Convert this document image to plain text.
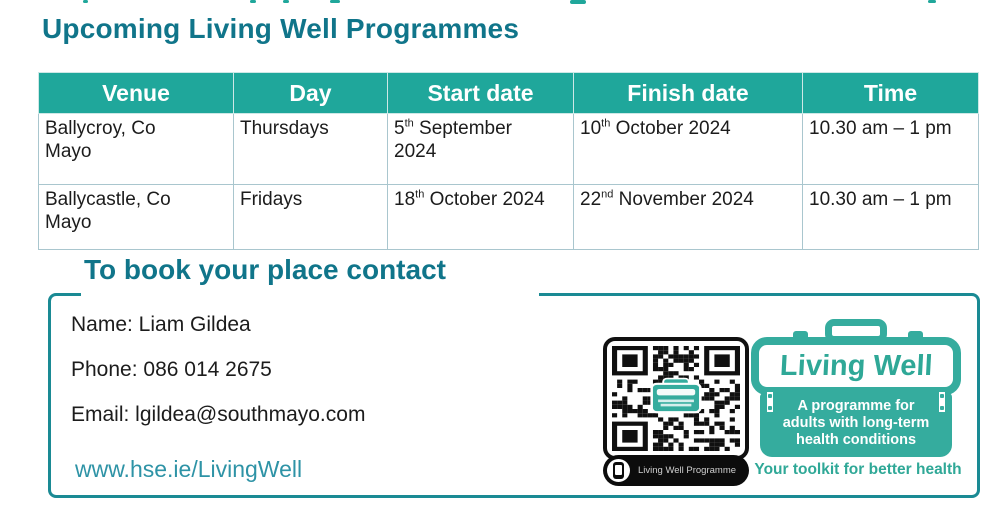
Upcoming Living Well Programmes
Venue	Day	Start date	Finish date	Time
Ballycroy, Co Mayo	Thursdays	5th September 2024	10th October 2024	10.30 am – 1 pm
Ballycastle, Co Mayo	Fridays	18th October 2024	22nd November 2024	10.30 am – 1 pm
To book your place contact
Name: Liam Gildea
Phone: 086 014 2675
Email: lgildea@southmayo.com
www.hse.ie/LivingWell	Living Well Programme
Living Well
A programme for
adults with long-term
health conditions
Your toolkit for better health
